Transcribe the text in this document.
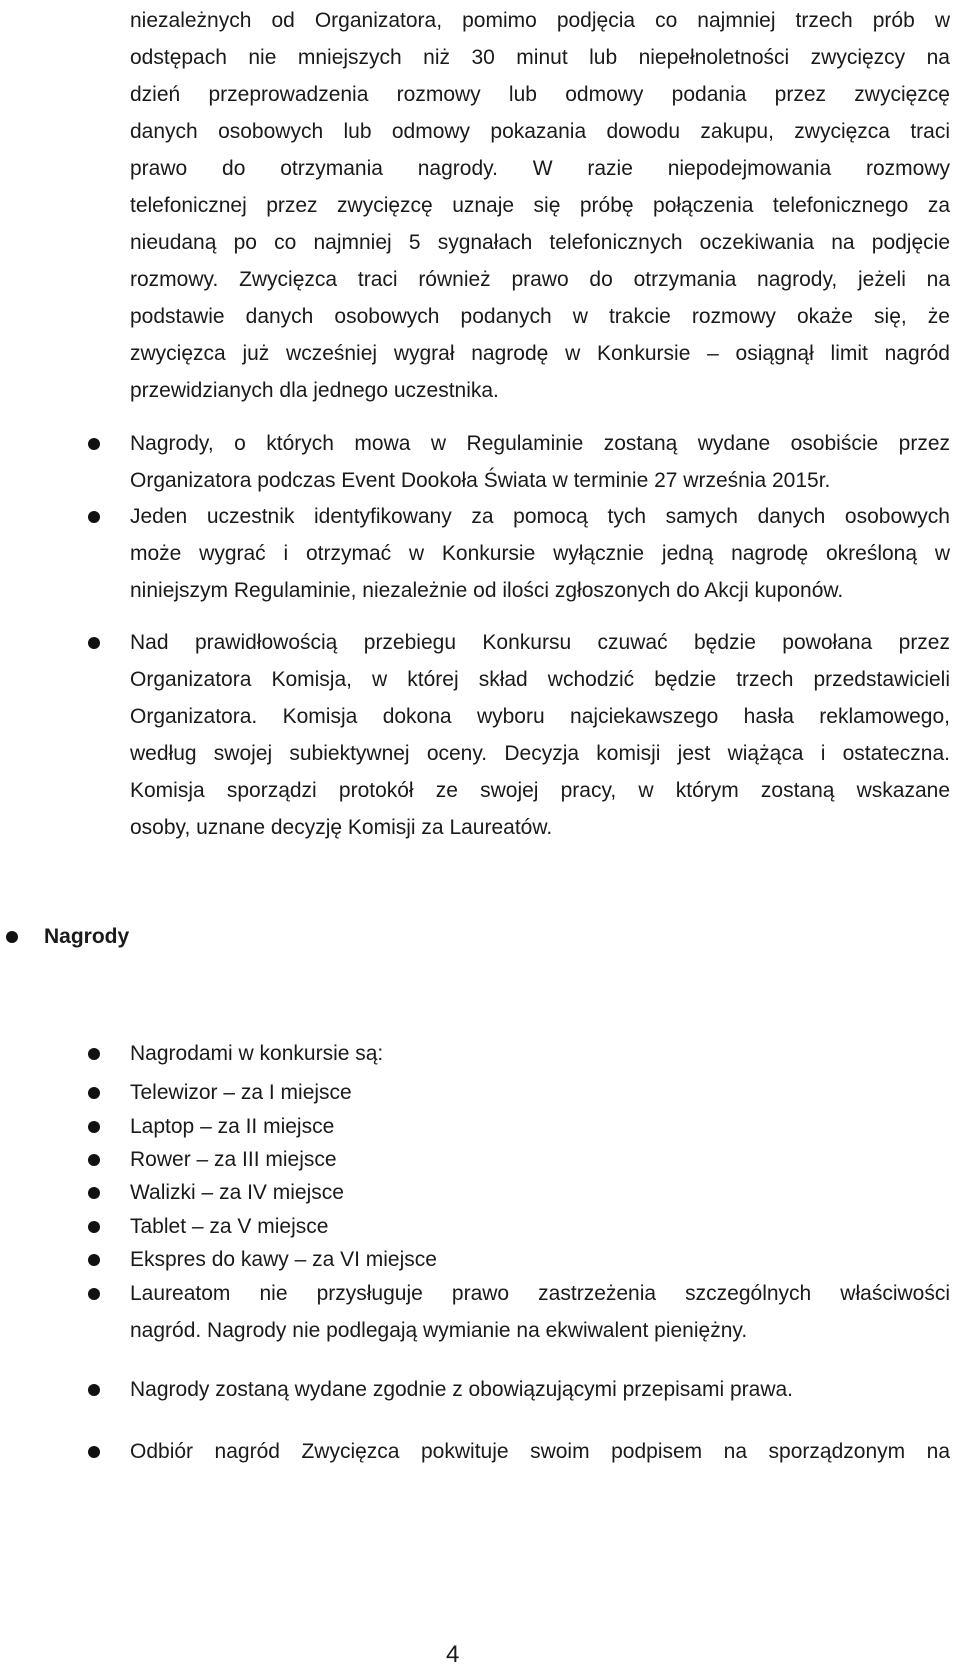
niezależnych od Organizatora, pomimo podjęcia co najmniej trzech prób w
odstępach nie mniejszych niż 30 minut lub niepełnoletności zwycięzcy na
dzień przeprowadzenia rozmowy lub odmowy podania przez zwycięzcę
danych osobowych lub odmowy pokazania dowodu zakupu, zwycięzca traci
prawo do otrzymania nagrody. W razie niepodejmowania rozmowy
telefonicznej przez zwycięzcę uznaje się próbę połączenia telefonicznego za
nieudaną po co najmniej 5 sygnałach telefonicznych oczekiwania na podjęcie
rozmowy. Zwycięzca traci również prawo do otrzymania nagrody, jeżeli na
podstawie danych osobowych podanych w trakcie rozmowy okaże się, że
zwycięzca już wcześniej wygrał nagrodę w Konkursie – osiągnął limit nagród
przewidzianych dla jednego uczestnika.
Nagrody, o których mowa w Regulaminie zostaną wydane osobiście przez
Organizatora podczas Event Dookoła Świata w terminie 27 września 2015r.
Jeden uczestnik identyfikowany za pomocą tych samych danych osobowych
może wygrać i otrzymać w Konkursie wyłącznie jedną nagrodę określoną w
niniejszym Regulaminie, niezależnie od ilości zgłoszonych do Akcji kuponów.
Nad prawidłowością przebiegu Konkursu czuwać będzie powołana przez
Organizatora Komisja, w której skład wchodzić będzie trzech przedstawicieli
Organizatora. Komisja dokona wyboru najciekawszego hasła reklamowego,
według swojej subiektywnej oceny. Decyzja komisji jest wiążąca i ostateczna.
Komisja sporządzi protokół ze swojej pracy, w którym zostaną wskazane
osoby, uznane decyzję Komisji za Laureatów.
Nagrody
Nagrodami w konkursie są:
Telewizor – za I miejsce
Laptop – za II miejsce
Rower – za III miejsce
Walizki – za IV miejsce
Tablet – za V miejsce
Ekspres do kawy – za VI miejsce
Laureatom nie przysługuje prawo zastrzeżenia szczególnych właściwości
nagród. Nagrody nie podlegają wymianie na ekwiwalent pieniężny.
Nagrody zostaną wydane zgodnie z obowiązującymi przepisami prawa.
Odbiór nagród Zwycięzca pokwituje swoim podpisem na sporządzonym na
4
